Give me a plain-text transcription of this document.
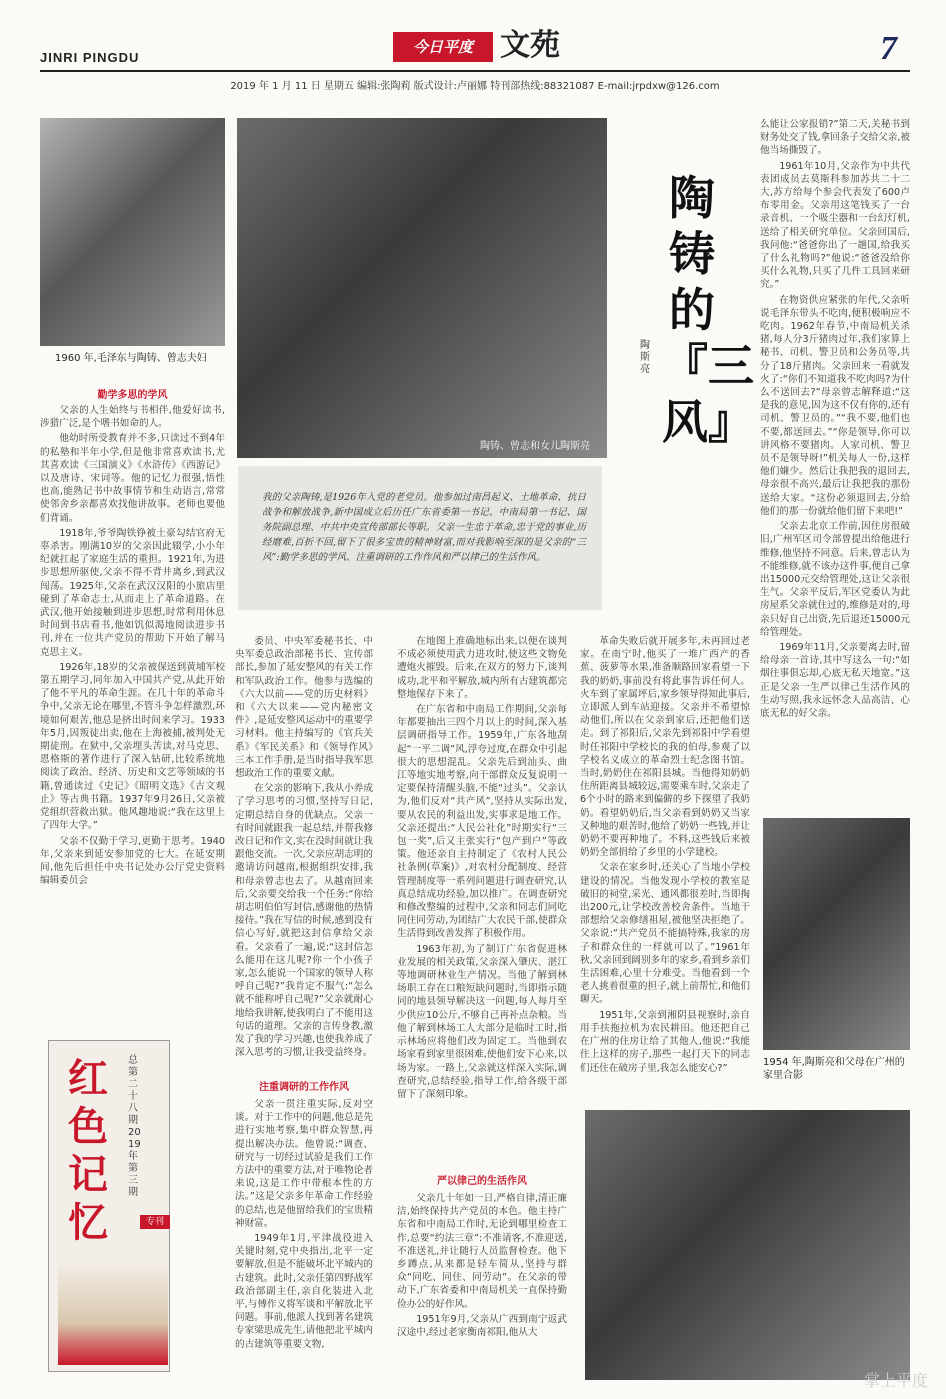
JINRI PINGDU
今日平度 文苑	7
2019 年 1 月 11 日 星期五 编辑:张陶莉 版式设计:卢丽娜 特刊部热线:88321087 E-mail:jrpdxw@126.com
1960 年,毛泽东与陶铸、曾志夫妇
勤学多思的学风

父亲的人生始终与书相伴,他爱好读书,涉猎广泛,是个嗜书如命的人。

他幼时所受教育并不多,只读过不到4年的私塾和半年小学,但是他非常喜欢读书,尤其喜欢读《三国演义》《水浒传》《西游记》以及唐诗、宋词等。他的记忆力很强,悟性也高,能熟记书中故事情节和生动语言,常常使邻舍乡亲都喜欢找他讲故事。老师也要他们背诵。

1918年,爷爷陶铁铮被土豪勾结官府无辜杀害。刚满10岁的父亲因此辍学,小小年纪就扛起了家庭生活的重担。1921年,为进步思想所驱使,父亲不得不背井离乡,到武汉闯荡。1925年,父亲在武汉汉阳的小旅店里碰到了革命志士,从而走上了革命道路。在武汉,他开始接触到进步思想,时常利用休息时间到书店看书,他如饥似渴地阅读进步书刊,并在一位共产党员的帮助下开始了解马克思主义。

1926年,18岁的父亲被保送到黄埔军校第五期学习,同年加入中国共产党,从此开始了他不平凡的革命生涯。在几十年的革命斗争中,父亲无论在哪里,不管斗争怎样激烈,环境如何艰苦,他总是挤出时间来学习。1933年5月,因叛徒出卖,他在上海被捕,被判处无期徒刑。在狱中,父亲埋头苦读,对马克思、恩格斯的著作进行了深入钻研,比较系统地阅读了政治、经济、历史和文艺等领域的书籍,曾通读过《史记》《昭明文选》《古文观止》等古典书籍。1937年9月26日,父亲被党组织营救出狱。他风趣地说:“我在这里上了四年大学。”

父亲不仅勤于学习,更勤于思考。1940年,父亲来到延安参加党的七大。在延安期间,他先后担任中央书记处办公厅党史资料编辑委员会

陶铸、曾志和女儿陶斯亮
陶铸的『三风』
陶斯亮
我的父亲陶铸,是1926年入党的老党员。他参加过南昌起义、土地革命、抗日战争和解放战争,新中国成立后历任广东省委第一书记、中南局第一书记、国务院副总理、中共中央宣传部部长等职。父亲一生忠于革命,忠于党的事业,历经磨难,百折不回,留下了很多宝贵的精神财富,而对我影响至深的是父亲的“三风”:勤学多思的学风、注重调研的工作作风和严以律己的生活作风。

委员、中央军委秘书长、中央军委总政治部秘书长、宣传部部长,参加了延安整风的有关工作和军队政治工作。他参与选编的《六大以前——党的历史材料》和《六大以来——党内秘密文件》,是延安整风运动中的重要学习材料。他主持编写的《官兵关系》《军民关系》和《领导作风》三本工作手册,是当时指导我军思想政治工作的重要文献。

在父亲的影响下,我从小养成了学习思考的习惯,坚持写日记,定期总结自身的优缺点。父亲一有时间就跟我一起总结,并帮我修改日记和作文,实在没时间就让我跟他交流。一次,父亲应胡志明的邀请访问越南,根据组织安排,我和母亲曾志也去了。从越南回来后,父亲要交给我一个任务:“你给胡志明伯伯写封信,感谢他的热情接待。”我在写信的时候,感到没有信心写好,就把这封信拿给父亲看。父亲看了一遍,说:“这封信怎么能用在这儿呢?你一个小孩子家,怎么能说一个国家的领导人称呼自己呢?”我肯定不服气:“怎么就不能称呼自己呢?”父亲就耐心地给我讲解,使我明白了不能用这句话的道理。父亲的言传身教,激发了我的学习兴趣,也使我养成了深入思考的习惯,让我受益终身。

注重调研的工作作风

父亲一贯注重实际,反对空谈。对于工作中的问题,他总是先进行实地考察,集中群众智慧,再提出解决办法。他曾说:“调查、研究与一切经过试验是我们工作方法中的重要方法,对于唯物论者来说,这是工作中带根本性的方法。”这是父亲多年革命工作经验的总结,也是他留给我们的宝贵精神财富。

1949年1月,平津战役进入关键时刻,党中央指出,北平一定要解放,但是不能破坏北平城内的古建筑。此时,父亲任第四野战军政治部副主任,亲自化装进入北平,与傅作义将军谈和平解放北平问题。事前,他派人找到著名建筑专家梁思成先生,请他把北平城内的古建筑等重要文物,

在地图上准确地标出来,以便在谈判不成必须使用武力进攻时,使这些文物免遭炮火摧毁。后来,在双方的努力下,谈判成功,北平和平解放,城内所有古建筑都完整地保存下来了。

在广东省和中南局工作期间,父亲每年都要抽出三四个月以上的时间,深入基层调研指导工作。1959年,广东各地刮起“一平二调”风,浮夸过度,在群众中引起很大的思想混乱。父亲先后到汕头、曲江等地实地考察,向干部群众反复说明一定要保持清醒头脑,不能“过头”。父亲认为,他们反对“共产风”,坚持从实际出发,要从农民的利益出发,实事求是地工作。父亲还提出:“人民公社化”时期实行“三包一奖”,后又主张实行“包产到户”等政策。他还亲自主持制定了《农村人民公社条例(草案)》,对农村分配制度、经营管理制度等一系列问题进行调查研究,认真总结成功经验,加以推广。在调查研究和修改整编的过程中,父亲和同志们同吃同住同劳动,为团结广大农民干部,使群众生活得到改善发挥了积极作用。

1963年初,为了制订广东省促进林业发展的相关政策,父亲深入肇庆、湛江等地调研林业生产情况。当他了解到林场职工存在口粮短缺问题时,当即指示随同的地县领导解决这一问题,每人每月至少供应10公斤,不够自己再补点杂粮。当他了解到林场工人大部分是临时工时,指示林场应将他们改为固定工。当他到农场家看到家里很困难,使他们安下心来,以场为家。一路上,父亲就这样深入实际,调查研究,总结经验,指导工作,给各级干部留下了深刻印象。

严以律己的生活作风

父亲几十年如一日,严格自律,清正廉洁,始终保持共产党员的本色。他主持广东省和中南局工作时,无论到哪里检查工作,总要“约法三章”:不准请客,不准迎送,不准送礼,并让随行人员监督检查。他下乡蹲点,从来都是轻车简从,坚持与群众“同吃、同住、同劳动”。在父亲的带动下,广东省委和中南局机关一直保持勤俭办公的好作风。

1951年9月,父亲从广西到南宁返武汉途中,经过老家衡南祁阳,他从大

革命失败后就开展多年,未再回过老家。在南宁时,他买了一堆广西产的香蕉、菠萝等水果,准备顺路回家看望一下我的奶奶,事前没有将此事告诉任何人。火车到了家属坪后,家乡领导得知此事后,立即派人到车站迎接。父亲并不希望惊动他们,所以在父亲到家后,还把他们送走。到了祁阳后,父亲先到祁阳中学看望时任祁阳中学校长的我的伯母,参观了以学校名义成立的革命烈士纪念图书馆。当时,奶奶住在祁阳县城。当他得知奶奶住所距离县城较远,需要乘车时,父亲走了6个小时的路来到偏僻的乡下探望了我奶奶。看望奶奶后,当父亲看到奶奶又当家又种地的艰苦时,他给了奶奶一些钱,并让奶奶不要再种地了。不料,这些钱后来被奶奶全部捐给了乡里的小学建校。

父亲在家乡时,还关心了当地小学校建设的情况。当他发现小学校的教室是破旧的祠堂,采光、通风都很差时,当即掏出200元,让学校改善校舍条件。当地干部想给父亲修缮祖屋,被他坚决拒绝了。父亲说:“共产党员不能搞特殊,我家的房子和群众住的一样就可以了。”1961年秋,父亲回到阔别多年的家乡,看到乡亲们生活困难,心里十分难受。当他看到一个老人挑着很重的担子,就上前帮忙,和他们聊天。

1951年,父亲到湘阴县视察时,亲自用手扶拖拉机为农民耕田。他还把自己在广州的住房让给了其他人,他说:“我能住上这样的房子,那些一起打天下的同志们还住在破房子里,我怎么能安心?”

么能让公家报销?”第二天,关秘书到财务处交了钱,拿回条子交给父亲,被他当场撕毁了。

1961年10月,父亲作为中共代表团成员去莫斯科参加苏共二十二大,苏方给每个参会代表发了600卢布零用金。父亲用这笔钱买了一台录音机、一个吸尘器和一台幻灯机,送给了相关研究单位。父亲回国后,我问他:“爸爸你出了一趟国,给我买了什么礼物吗?”他说:“爸爸没给你买什么礼物,只买了几件工具回来研究。”

在物资供应紧张的年代,父亲听说毛泽东带头不吃肉,便积极响应不吃肉。1962年春节,中南局机关杀猪,每人分3斤猪肉过年,我们家算上秘书、司机、警卫员和公务员等,共分了18斤猪肉。父亲回来一看就发火了:“你们不知道我不吃肉吗?为什么不送回去?”母亲曾志解释道:“这是我的意见,因为这不仅有你的,还有司机、警卫员的。”“我不要,他们也不要,都送回去。”“你是领导,你可以讲风格不要猪肉。人家司机、警卫员不是领导呀!”机关每人一份,这样他们嫌少。然后让我把我的退回去,母亲很不高兴,最后让我把我的那份送给大家。“这份必须退回去,分给他们的那一份就给他们留下来吧!”

父亲去北京工作前,因住房很破旧,广州军区司令部曾提出给他进行维修,他坚持不同意。后来,曾志认为不能维修,就不该办这件事,便自己拿出15000元交给管理处,这让父亲很生气。父亲平反后,军区党委认为此房屋系父亲就住过的,维修是对的,母亲只好自己出资,先后退还15000元给管理处。

1969年11月,父亲要离去时,留给母亲一首诗,其中写这么一句:“如烟往事俱忘却,心底无私天地宽。”这正是父亲一生严以律己生活作风的生动写照,我永远怀念人品高洁、心底无私的好父亲。

1954 年,陶斯亮和父母在广州的家里合影
红色记忆
总第二十八期 2019年第三期
专刊
掌上平度
